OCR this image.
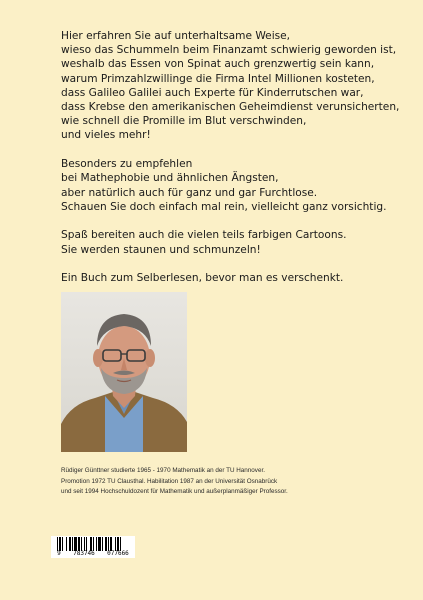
Hier erfahren Sie auf unterhaltsame Weise,
wieso das Schummeln beim Finanzamt schwierig geworden ist,
weshalb das Essen von Spinat auch grenzwertig sein kann,
warum Primzahlzwillinge die Firma Intel Millionen kosteten,
dass Galileo Galilei auch Experte für Kinderrutschen war,
dass Krebse den amerikanischen Geheimdienst verunsicherten,
wie schnell die Promille im Blut verschwinden,
und vieles mehr!

Besonders zu empfehlen
bei Mathephobie und ähnlichen Ängsten,
aber natürlich auch für ganz und gar Furchtlose.
Schauen Sie doch einfach mal rein, vielleicht ganz vorsichtig.

Spaß bereiten auch die vielen teils farbigen Cartoons.
Sie werden staunen und schmunzeln!

Ein Buch zum Selberlesen, bevor man es verschenkt.

Rüdiger Günttner studierte 1965 - 1970 Mathematik an der TU Hannover.
Promotion 1972 TU Clausthal. Habilitation 1987 an der Universität Osnabrück
und seit 1994 Hochschuldozent für Mathematik und außerplanmäßiger Professor.
9 783746 077666
